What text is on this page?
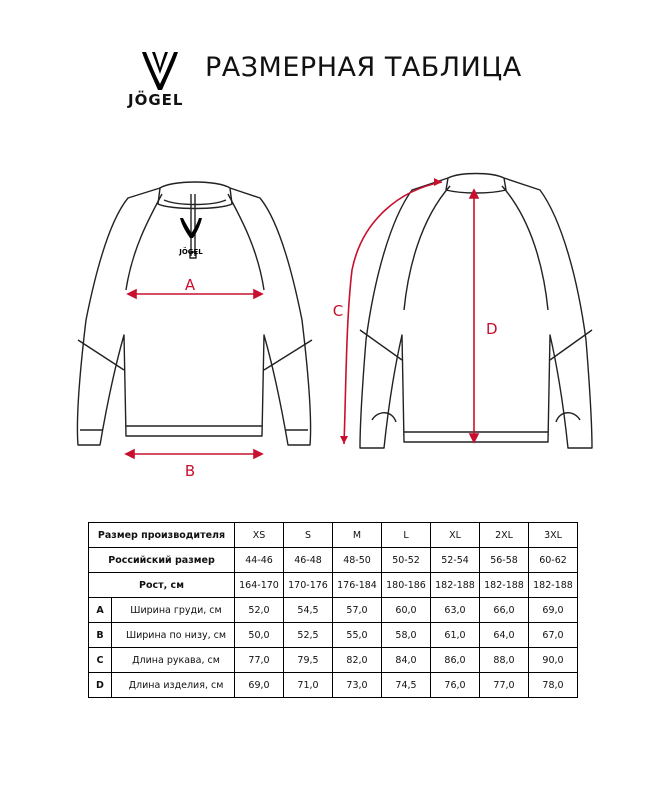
JÖGEL
РАЗМЕРНАЯ ТАБЛИЦА
JÖGEL
A
B
C
D
Размер производителя		XS	S	M	L	XL	2XL	3XL
Российский размер		44-46	46-48	48-50	50-52	52-54	56-58	60-62
Рост, см		164-170	170-176	176-184	180-186	182-188	182-188	182-188
A	Ширина груди, см	52,0	54,5	57,0	60,0	63,0	66,0	69,0
B	Ширина по низу, см	50,0	52,5	55,0	58,0	61,0	64,0	67,0
C	Длина рукава, см	77,0	79,5	82,0	84,0	86,0	88,0	90,0
D	Длина изделия, см	69,0	71,0	73,0	74,5	76,0	77,0	78,0
